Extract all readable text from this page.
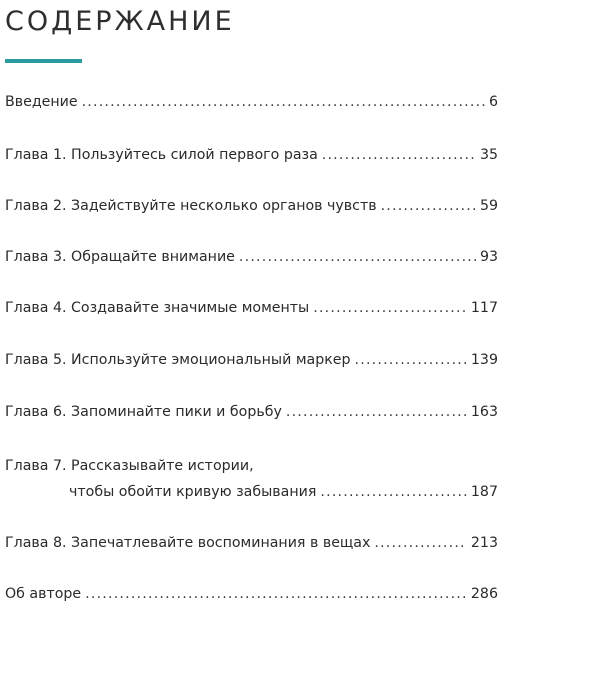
СОДЕРЖАНИЕ
Введение .....	6
Глава 1. Пользуйтесь силой первого раза .....	35
Глава 2. Задействуйте несколько органов чувств .....	59
Глава 3. Обращайте внимание .....	93
Глава 4. Создавайте значимые моменты .....	117
Глава 5. Используйте эмоциональный маркер .....	139
Глава 6. Запоминайте пики и борьбу .....	163
Глава 7. Рассказывайте истории,
чтобы обойти кривую забывания .....	187
Глава 8. Запечатлевайте воспоминания в вещах .....	213
Об авторе .....	286
